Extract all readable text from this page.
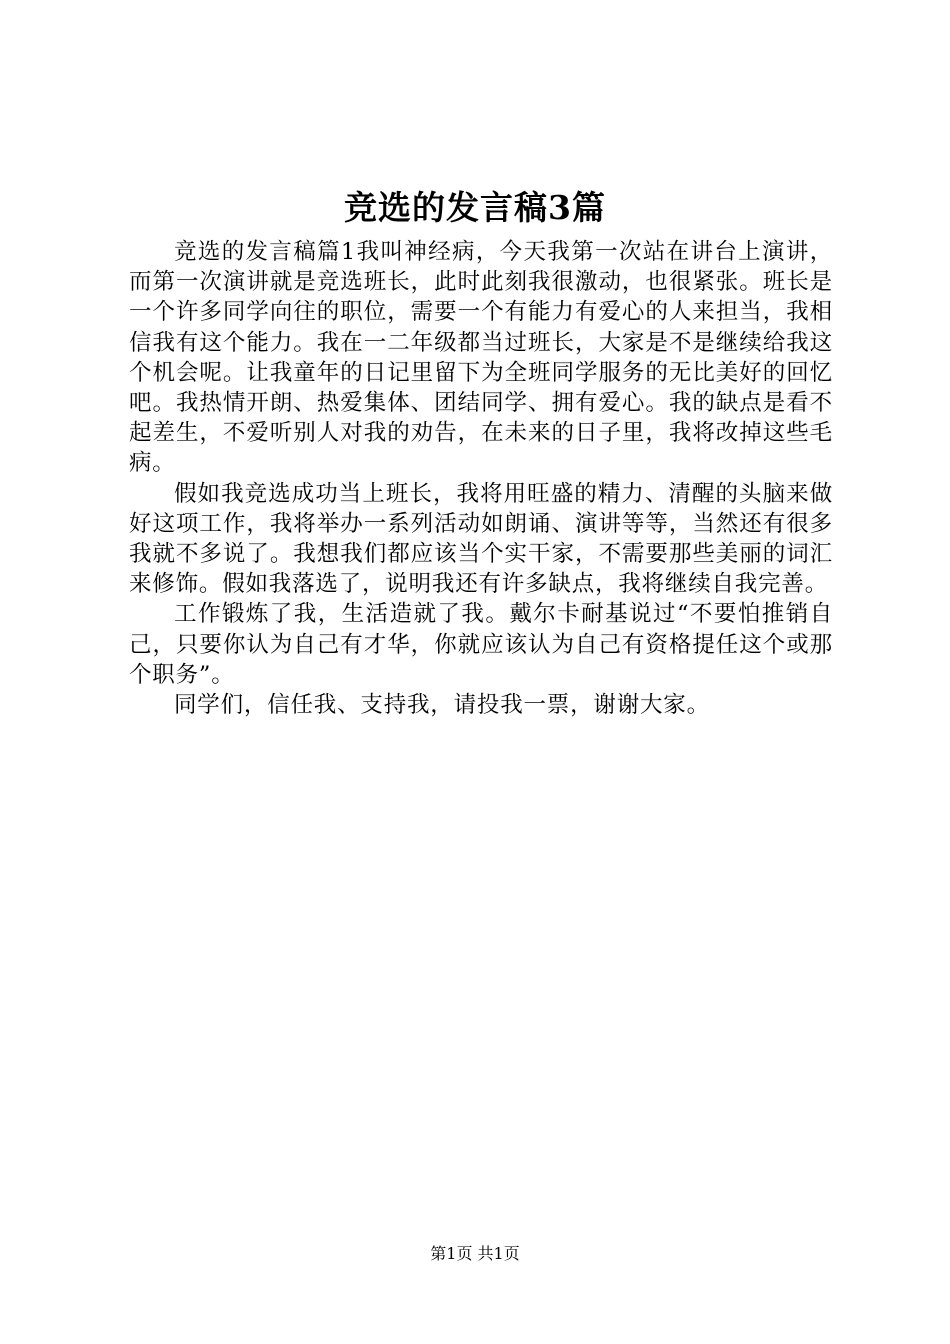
竞选的发言稿3篇

竞选的发言稿篇1我叫神经病，今天我第一次站在讲台上演讲，而第一次演讲就是竞选班长，此时此刻我很激动，也很紧张。班长是一个许多同学向往的职位，需要一个有能力有爱心的人来担当，我相信我有这个能力。我在一二年级都当过班长，大家是不是继续给我这个机会呢。让我童年的日记里留下为全班同学服务的无比美好的回忆吧。我热情开朗、热爱集体、团结同学、拥有爱心。我的缺点是看不起差生，不爱听别人对我的劝告，在未来的日子里，我将改掉这些毛病。

假如我竞选成功当上班长，我将用旺盛的精力、清醒的头脑来做好这项工作，我将举办一系列活动如朗诵、演讲等等，当然还有很多我就不多说了。我想我们都应该当个实干家，不需要那些美丽的词汇来修饰。假如我落选了，说明我还有许多缺点，我将继续自我完善。

工作锻炼了我，生活造就了我。戴尔卡耐基说过“不要怕推销自己，只要你认为自己有才华，你就应该认为自己有资格提任这个或那个职务”。

同学们，信任我、支持我，请投我一票，谢谢大家。

第1页 共1页
